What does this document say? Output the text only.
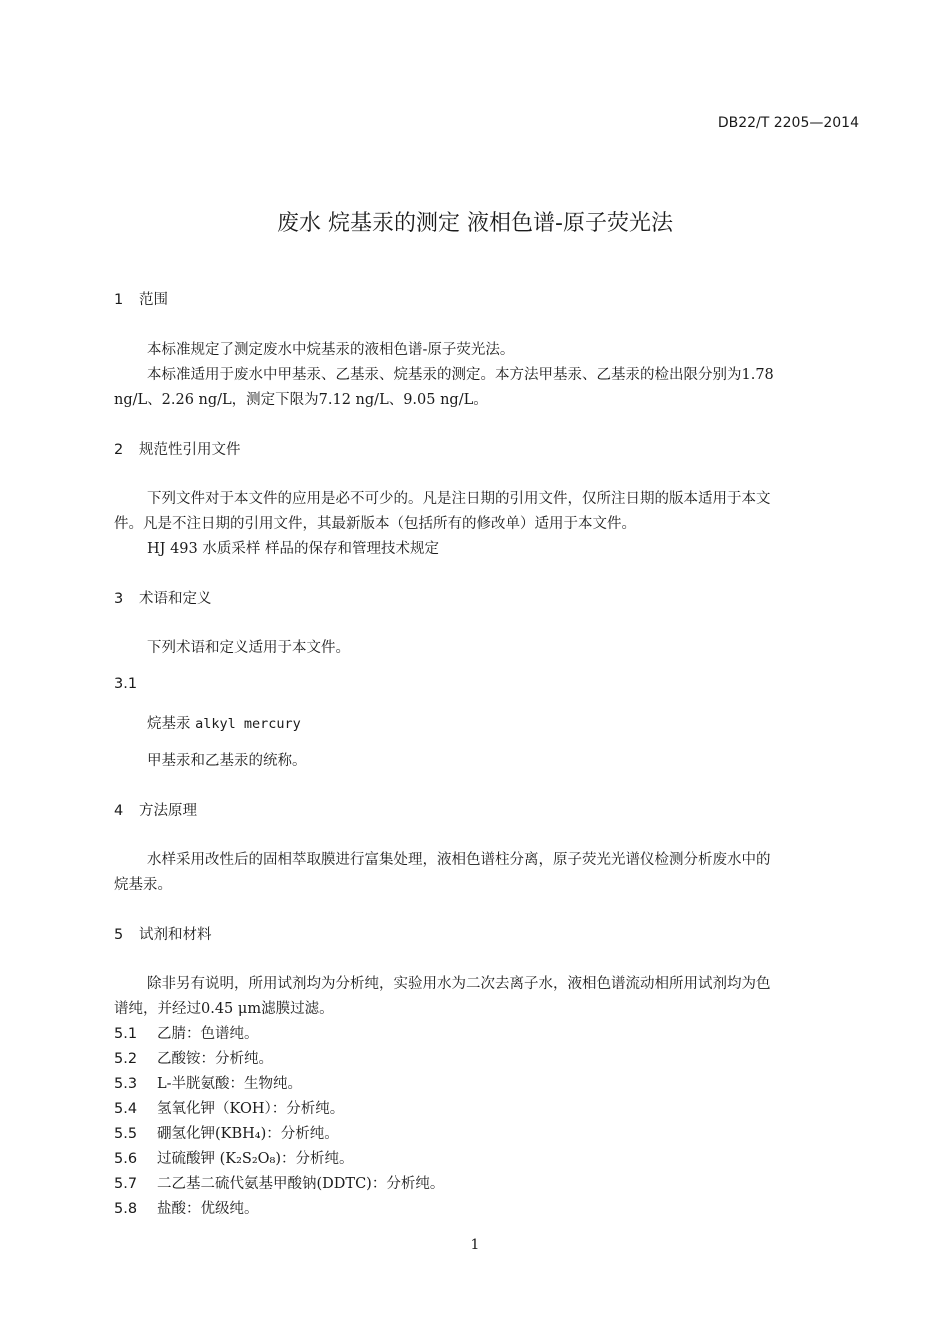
DB22/T 2205—2014
废水 烷基汞的测定 液相色谱-原子荧光法
1 范围
本标准规定了测定废水中烷基汞的液相色谱-原子荧光法。
本标准适用于废水中甲基汞、乙基汞、烷基汞的测定。本方法甲基汞、乙基汞的检出限分别为1.78
ng/L、2.26 ng/L，测定下限为7.12 ng/L、9.05 ng/L。
2 规范性引用文件
下列文件对于本文件的应用是必不可少的。凡是注日期的引用文件，仅所注日期的版本适用于本文
件。凡是不注日期的引用文件，其最新版本（包括所有的修改单）适用于本文件。
HJ 493 水质采样 样品的保存和管理技术规定
3 术语和定义
下列术语和定义适用于本文件。
3.1
烷基汞 alkyl mercury
甲基汞和乙基汞的统称。
4 方法原理
水样采用改性后的固相萃取膜进行富集处理，液相色谱柱分离，原子荧光光谱仪检测分析废水中的
烷基汞。
5 试剂和材料
除非另有说明，所用试剂均为分析纯，实验用水为二次去离子水，液相色谱流动相所用试剂均为色
谱纯，并经过0.45 μm滤膜过滤。
5.1 乙腈：色谱纯。
5.2 乙酸铵：分析纯。
5.3 L-半胱氨酸：生物纯。
5.4 氢氧化钾（KOH）：分析纯。
5.5 硼氢化钾(KBH₄)：分析纯。
5.6 过硫酸钾 (K₂S₂O₈)：分析纯。
5.7 二乙基二硫代氨基甲酸钠(DDTC)：分析纯。
5.8 盐酸：优级纯。
1
